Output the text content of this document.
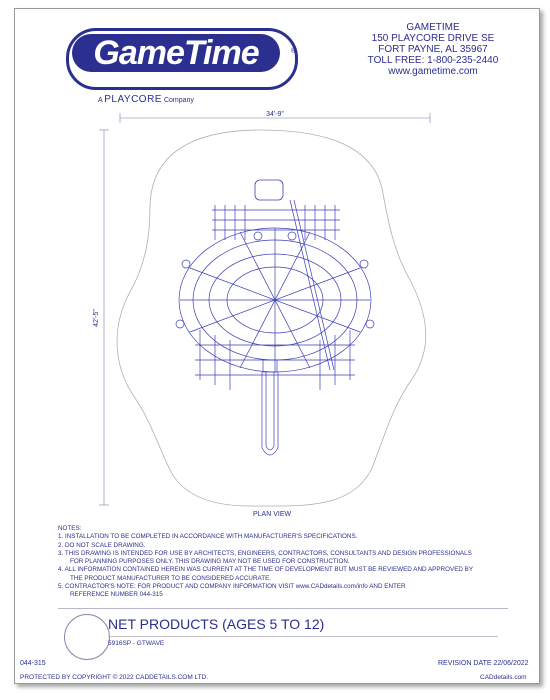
GameTime	®
A PLAYCORE Company
GAMETIME
150 PLAYCORE DRIVE SE
FORT PAYNE, AL 35967
TOLL FREE: 1-800-235-2440
www.gametime.com
34'-9"
42'-5"
PLAN VIEW
NOTES:
1. INSTALLATION TO BE COMPLETED IN ACCORDANCE WITH MANUFACTURER'S SPECIFICATIONS.
2. DO NOT SCALE DRAWING.
3. THIS DRAWING IS INTENDED FOR USE BY ARCHITECTS, ENGINEERS, CONTRACTORS, CONSULTANTS AND DESIGN PROFESSIONALS
FOR PLANNING PURPOSES ONLY. THIS DRAWING MAY NOT BE USED FOR CONSTRUCTION.
4. ALL INFORMATION CONTAINED HEREIN WAS CURRENT AT THE TIME OF DEVELOPMENT BUT MUST BE REVIEWED AND APPROVED BY
THE PRODUCT MANUFACTURER TO BE CONSIDERED ACCURATE.
5. CONTRACTOR'S NOTE: FOR PRODUCT AND COMPANY INFORMATION VISIT www.CADdetails.com/info AND ENTER
REFERENCE NUMBER 044-315
NET PRODUCTS (AGES 5 TO 12)
5916SP - GTWAVE
044-315	REVISION DATE 22/06/2022
PROTECTED BY COPYRIGHT © 2022 CADDETAILS.COM LTD.	CADdetails.com
